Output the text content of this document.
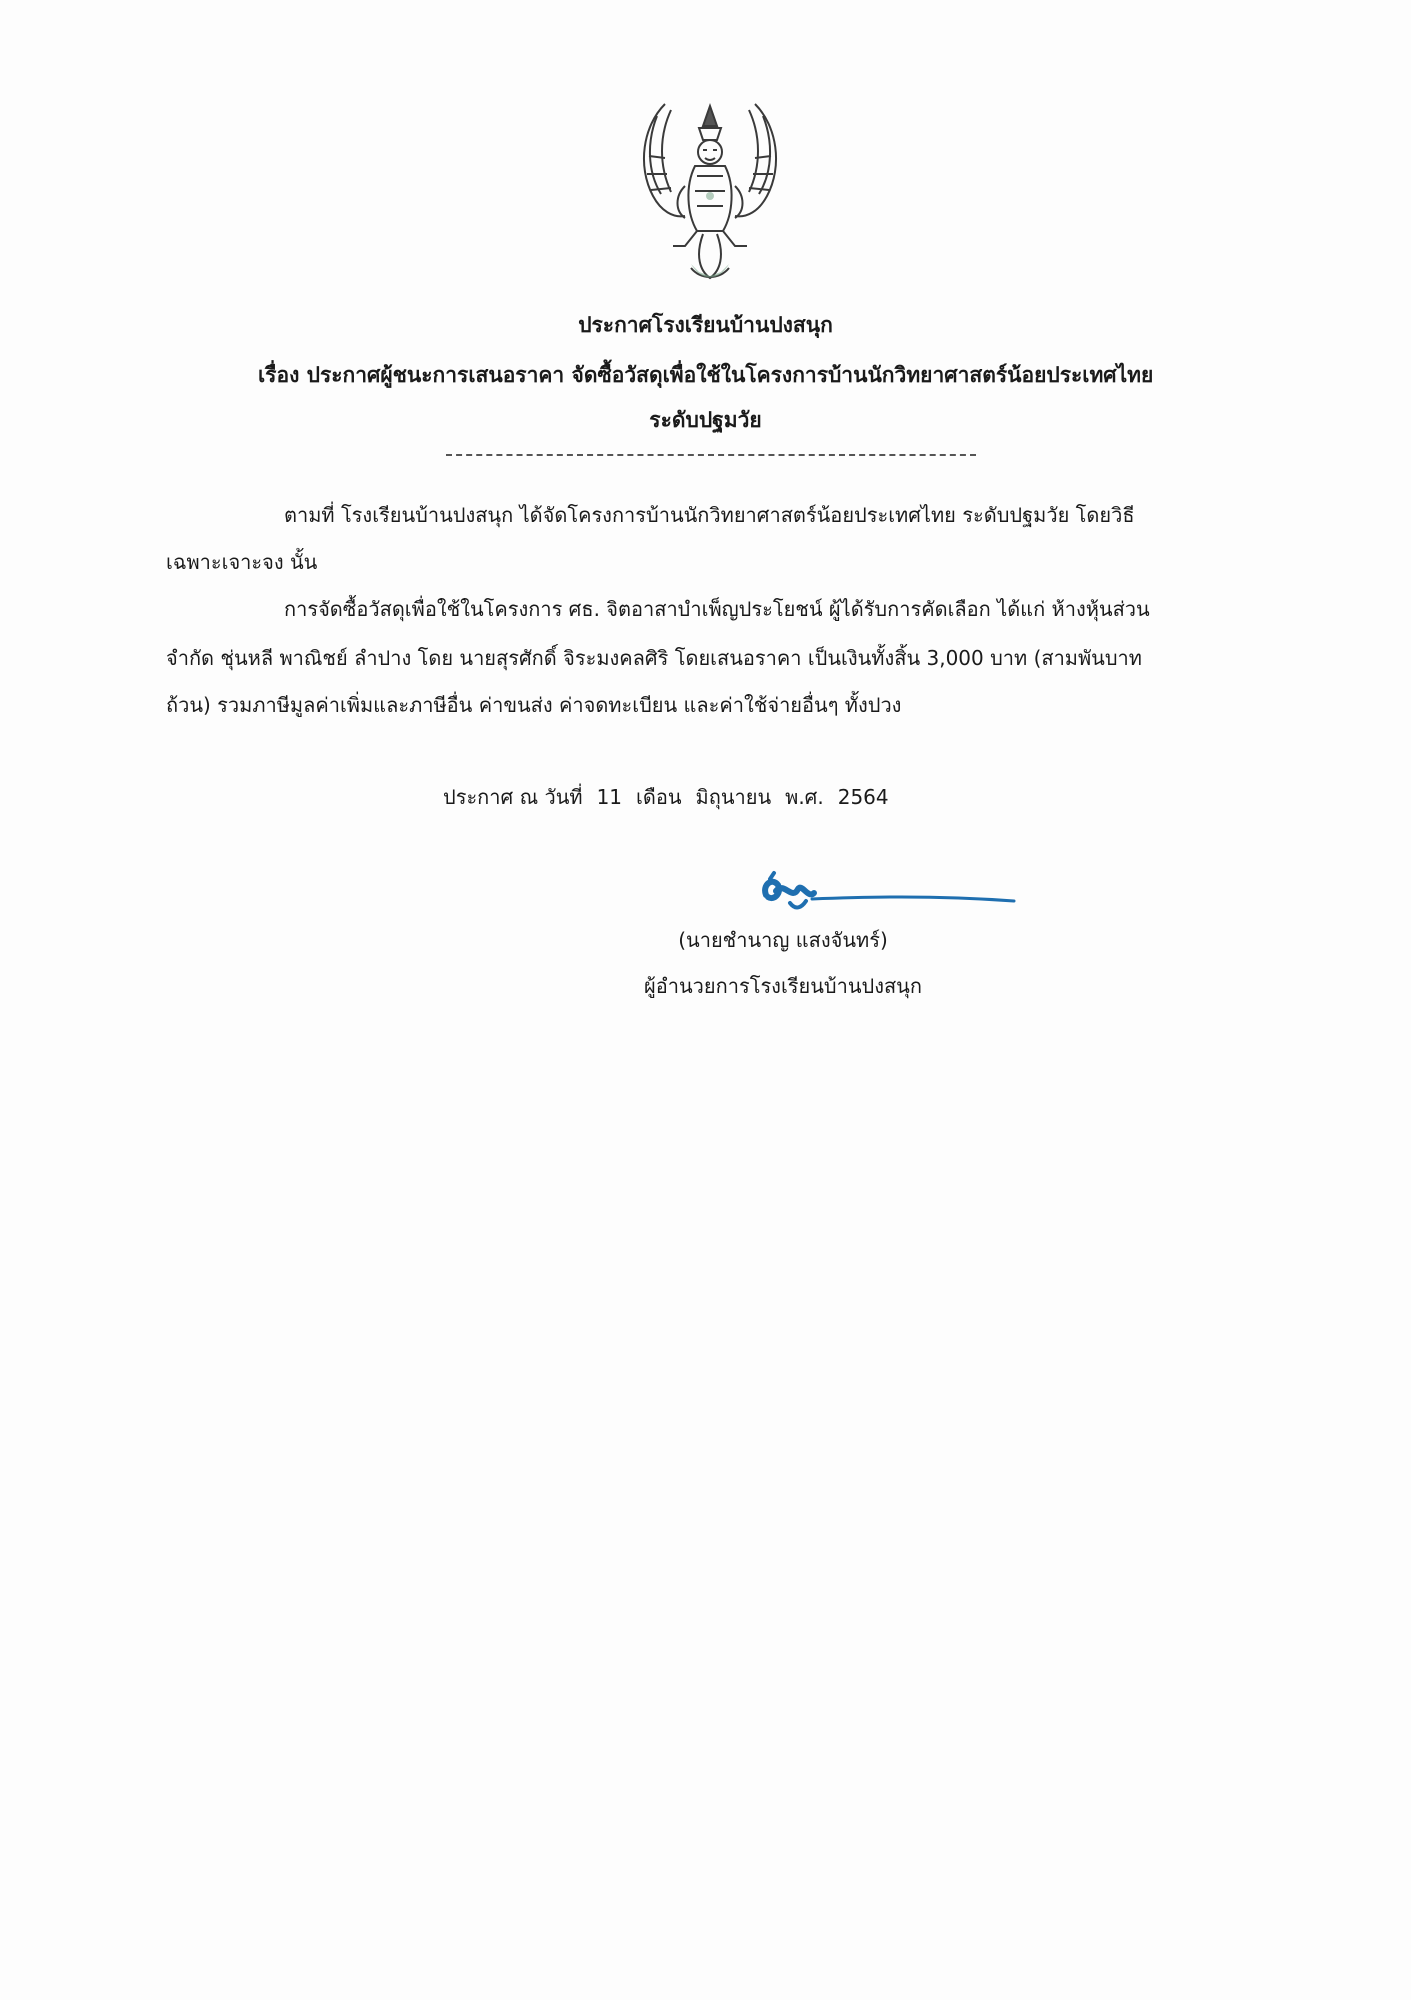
ประกาศโรงเรียนบ้านปงสนุก
เรื่อง ประกาศผู้ชนะการเสนอราคา จัดซื้อวัสดุเพื่อใช้ในโครงการบ้านนักวิทยาศาสตร์น้อยประเทศไทย
ระดับปฐมวัย
ตามที่ โรงเรียนบ้านปงสนุก ได้จัดโครงการบ้านนักวิทยาศาสตร์น้อยประเทศไทย ระดับปฐมวัย โดยวิธี
เฉพาะเจาะจง นั้น
การจัดซื้อวัสดุเพื่อใช้ในโครงการ ศธ. จิตอาสาบำเพ็ญประโยชน์ ผู้ได้รับการคัดเลือก ได้แก่ ห้างหุ้นส่วน
จำกัด ชุ่นหลี พาณิชย์ ลำปาง โดย นายสุรศักดิ์ จิระมงคลศิริ โดยเสนอราคา เป็นเงินทั้งสิ้น 3,000 บาท (สามพันบาท
ถ้วน) รวมภาษีมูลค่าเพิ่มและภาษีอื่น ค่าขนส่ง ค่าจดทะเบียน และค่าใช้จ่ายอื่นๆ ทั้งปวง
ประกาศ ณ วันที่ 11 เดือน มิถุนายน พ.ศ. 2564
(นายชำนาญ แสงจันทร์)
ผู้อำนวยการโรงเรียนบ้านปงสนุก
